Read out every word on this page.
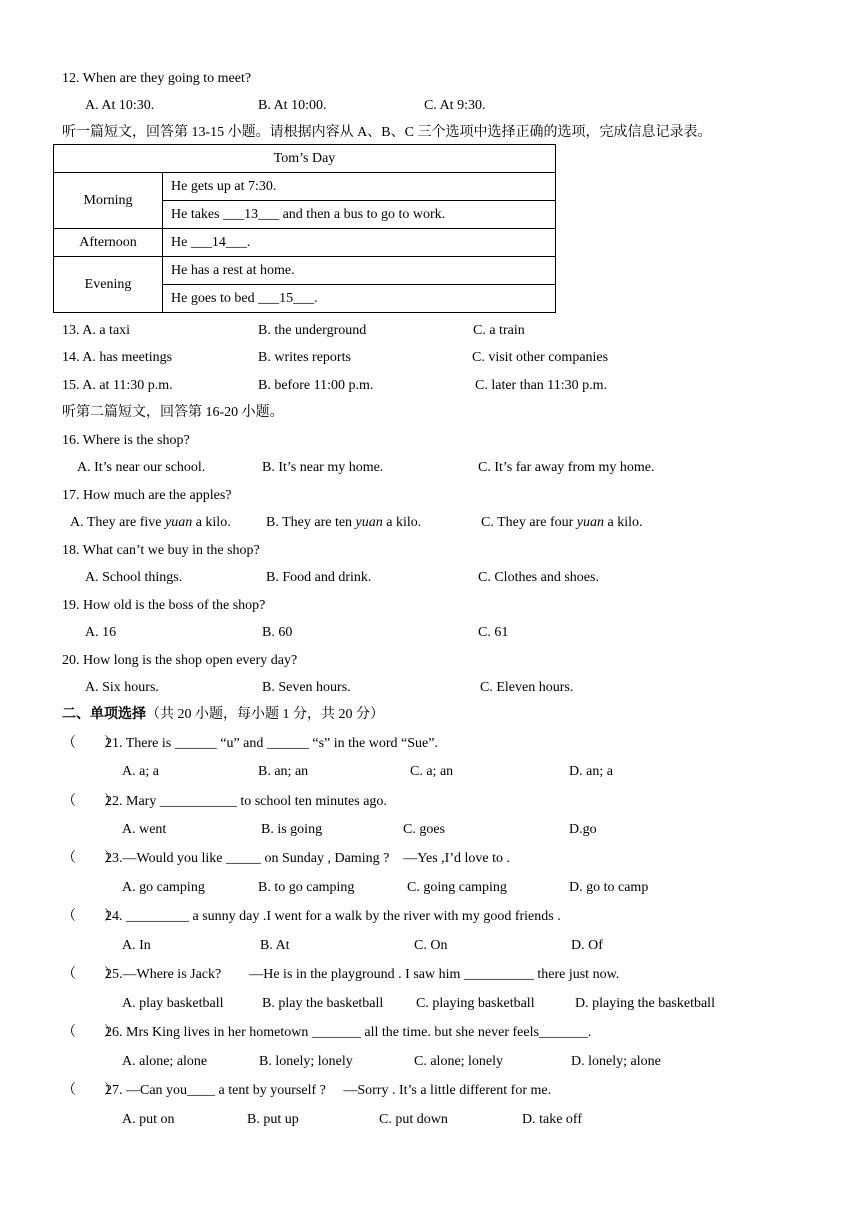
12. When are they going to meet?
A. At 10:30.	B. At 10:00.	C. At 9:30.
听一篇短文，回答第 13-15 小题。请根据内容从 A、B、C 三个选项中选择正确的选项，完成信息记录表。
Tom’s Day	
Morning	He gets up at 7:30.
	He takes ___13___ and then a bus to go to work.
Afternoon	He ___14___.
Evening	He has a rest at home.
	He goes to bed ___15___.
13. A. a taxi	B. the underground	C. a train
14. A. has meetings	B. writes reports	C. visit other companies
15. A. at 11:30 p.m.	B. before 11:00 p.m.	C. later than 11:30 p.m.
听第二篇短文，回答第 16-20 小题。
16. Where is the shop?
A. It’s near our school.	B. It’s near my home.	C. It’s far away from my home.
17. How much are the apples?
A. They are five yuan a kilo.	B. They are ten yuan a kilo.	C. They are four yuan a kilo.
18. What can’t we buy in the shop?
A. School things.	B. Food and drink.	C. Clothes and shoes.
19. How old is the boss of the shop?
A. 16	B. 60	C. 61
20. How long is the shop open every day?
A. Six hours.	B. Seven hours.	C. Eleven hours.
二、单项选择（共 20 小题，每小题 1 分，共 20 分）
（　　）
21. There is ______ “u” and ______ “s” in the word “Sue”.
A. a; a	B. an; an	C. a; an	D. an; a
（　　）
22. Mary ___________ to school ten minutes ago.
A. went	B. is going	C. goes	D.go
（　　）
23.—Would you like _____ on Sunday , Daming ?　—Yes ,I’d love to .
A. go camping	B. to go camping	C. going camping	D. go to camp
（　　）
24. _________ a sunny day .I went for a walk by the river with my good friends .
A. In	B. At	C. On	D. Of
（　　）
25.—Where is Jack?　　—He is in the playground . I saw him __________ there just now.
A. play basketball	B. play the basketball C. playing basketball	D. playing the basketball
（　　）
26. Mrs King lives in her hometown _______ all the time. but she never feels_______.
A. alone; alone	B. lonely; lonely	C. alone; lonely	D. lonely; alone
（　　）
27. —Can you____ a tent by yourself ?　 —Sorry . It’s a little different for me.
A. put on	B. put up	C. put down	D. take off
